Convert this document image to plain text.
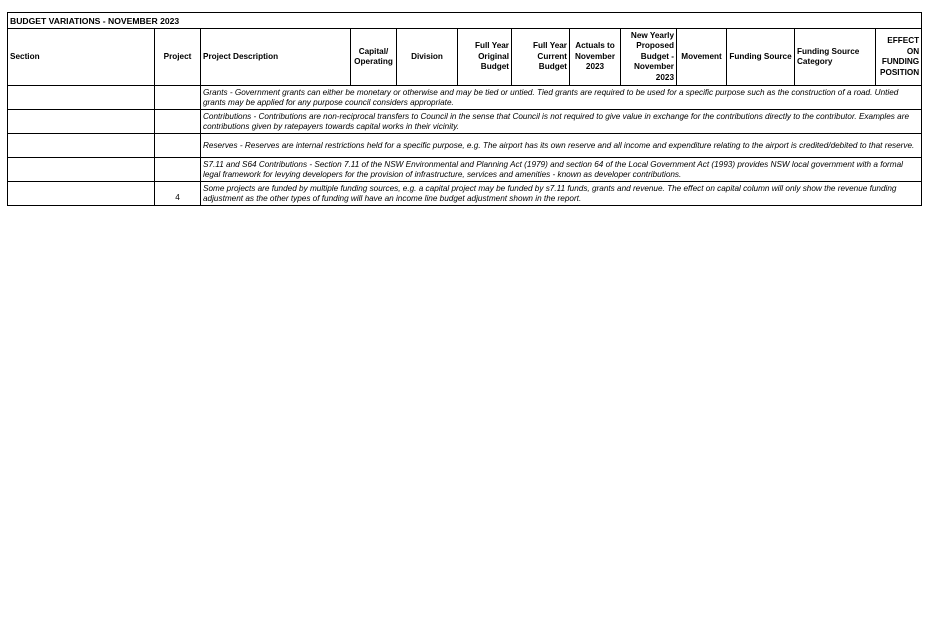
BUDGET VARIATIONS - NOVEMBER 2023												
Section	Project	Project Description	Capital/ Operating	Division	Full Year Original Budget	Full Year Current Budget	Actuals to November 2023	New Yearly Proposed Budget - November 2023	Movement	Funding Source	Funding Source Category	EFFECT ON FUNDING POSITION
		Grants - Government grants can either be monetary or otherwise and may be tied or untied. Tied grants are required to be used for a specific purpose such as the construction of a road. Untied grants may be applied for any purpose council considers appropriate.										
		Contributions - Contributions are non-reciprocal transfers to Council in the sense that Council is not required to give value in exchange for the contributions directly to the contributor. Examples are contributions given by ratepayers towards capital works in their vicinity.										
		Reserves - Reserves are internal restrictions held for a specific purpose, e.g. The airport has its own reserve and all income and expenditure relating to the airport is credited/debited to that reserve.										
		S7.11 and S64 Contributions - Section 7.11 of the NSW Environmental and Planning Act (1979) and section 64 of the Local Government Act (1993) provides NSW local government with a formal legal framework for levying developers for the provision of infrastructure, services and amenities - known as developer contributions.										
	4	Some projects are funded by multiple funding sources, e.g. a capital project may be funded by s7.11 funds, grants and revenue. The effect on capital column will only show the revenue funding adjustment as the other types of funding will have an income line budget adjustment shown in the report.										
